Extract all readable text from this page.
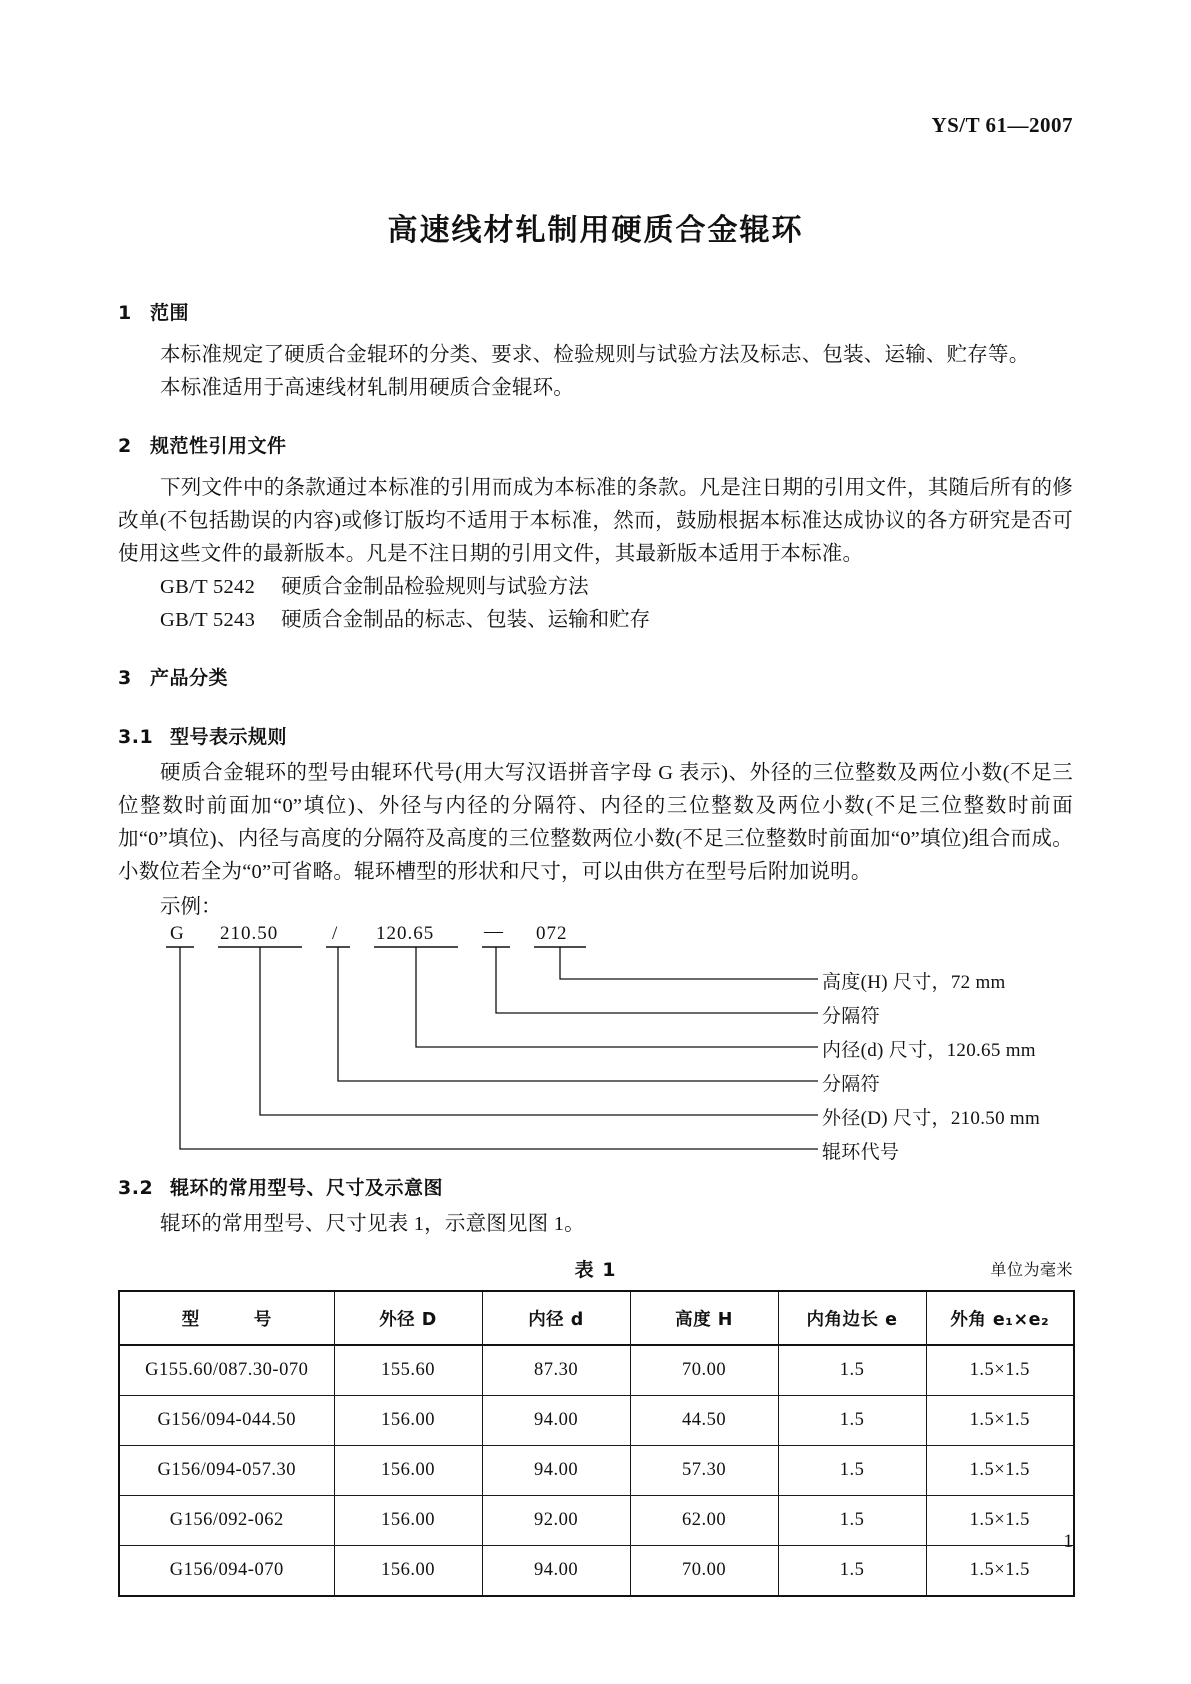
YS/T 61—2007
高速线材轧制用硬质合金辊环
1 范围

本标准规定了硬质合金辊环的分类、要求、检验规则与试验方法及标志、包装、运输、贮存等。

本标准适用于高速线材轧制用硬质合金辊环。

2 规范性引用文件

下列文件中的条款通过本标准的引用而成为本标准的条款。凡是注日期的引用文件，其随后所有的修改单(不包括勘误的内容)或修订版均不适用于本标准，然而，鼓励根据本标准达成协议的各方研究是否可使用这些文件的最新版本。凡是不注日期的引用文件，其最新版本适用于本标准。

GB/T 5242 硬质合金制品检验规则与试验方法

GB/T 5243 硬质合金制品的标志、包装、运输和贮存

3 产品分类
3.1 型号表示规则

硬质合金辊环的型号由辊环代号(用大写汉语拼音字母 G 表示)、外径的三位整数及两位小数(不足三位整数时前面加“0”填位)、外径与内径的分隔符、内径的三位整数及两位小数(不足三位整数时前面加“0”填位)、内径与高度的分隔符及高度的三位整数两位小数(不足三位整数时前面加“0”填位)组合而成。小数位若全为“0”可省略。辊环槽型的形状和尺寸，可以由供方在型号后附加说明。

示例：

G 210.50	/ 120.65	— 072
高度(H) 尺寸，72 mm
分隔符
内径(d) 尺寸，120.65 mm
分隔符
外径(D) 尺寸，210.50 mm
辊环代号
3.2 辊环的常用型号、尺寸及示意图

辊环的常用型号、尺寸见表 1，示意图见图 1。

表 1	单位为毫米
型　　　号	外径 D	内径 d	高度 H	内角边长 e	外角 e₁×e₂
G155.60/087.30-070	155.60	87.30	70.00	1.5	1.5×1.5
G156/094-044.50	156.00	94.00	44.50	1.5	1.5×1.5
G156/094-057.30	156.00	94.00	57.30	1.5	1.5×1.5
G156/092-062	156.00	92.00	62.00	1.5	1.5×1.5
G156/094-070	156.00	94.00	70.00	1.5	1.5×1.5
1
